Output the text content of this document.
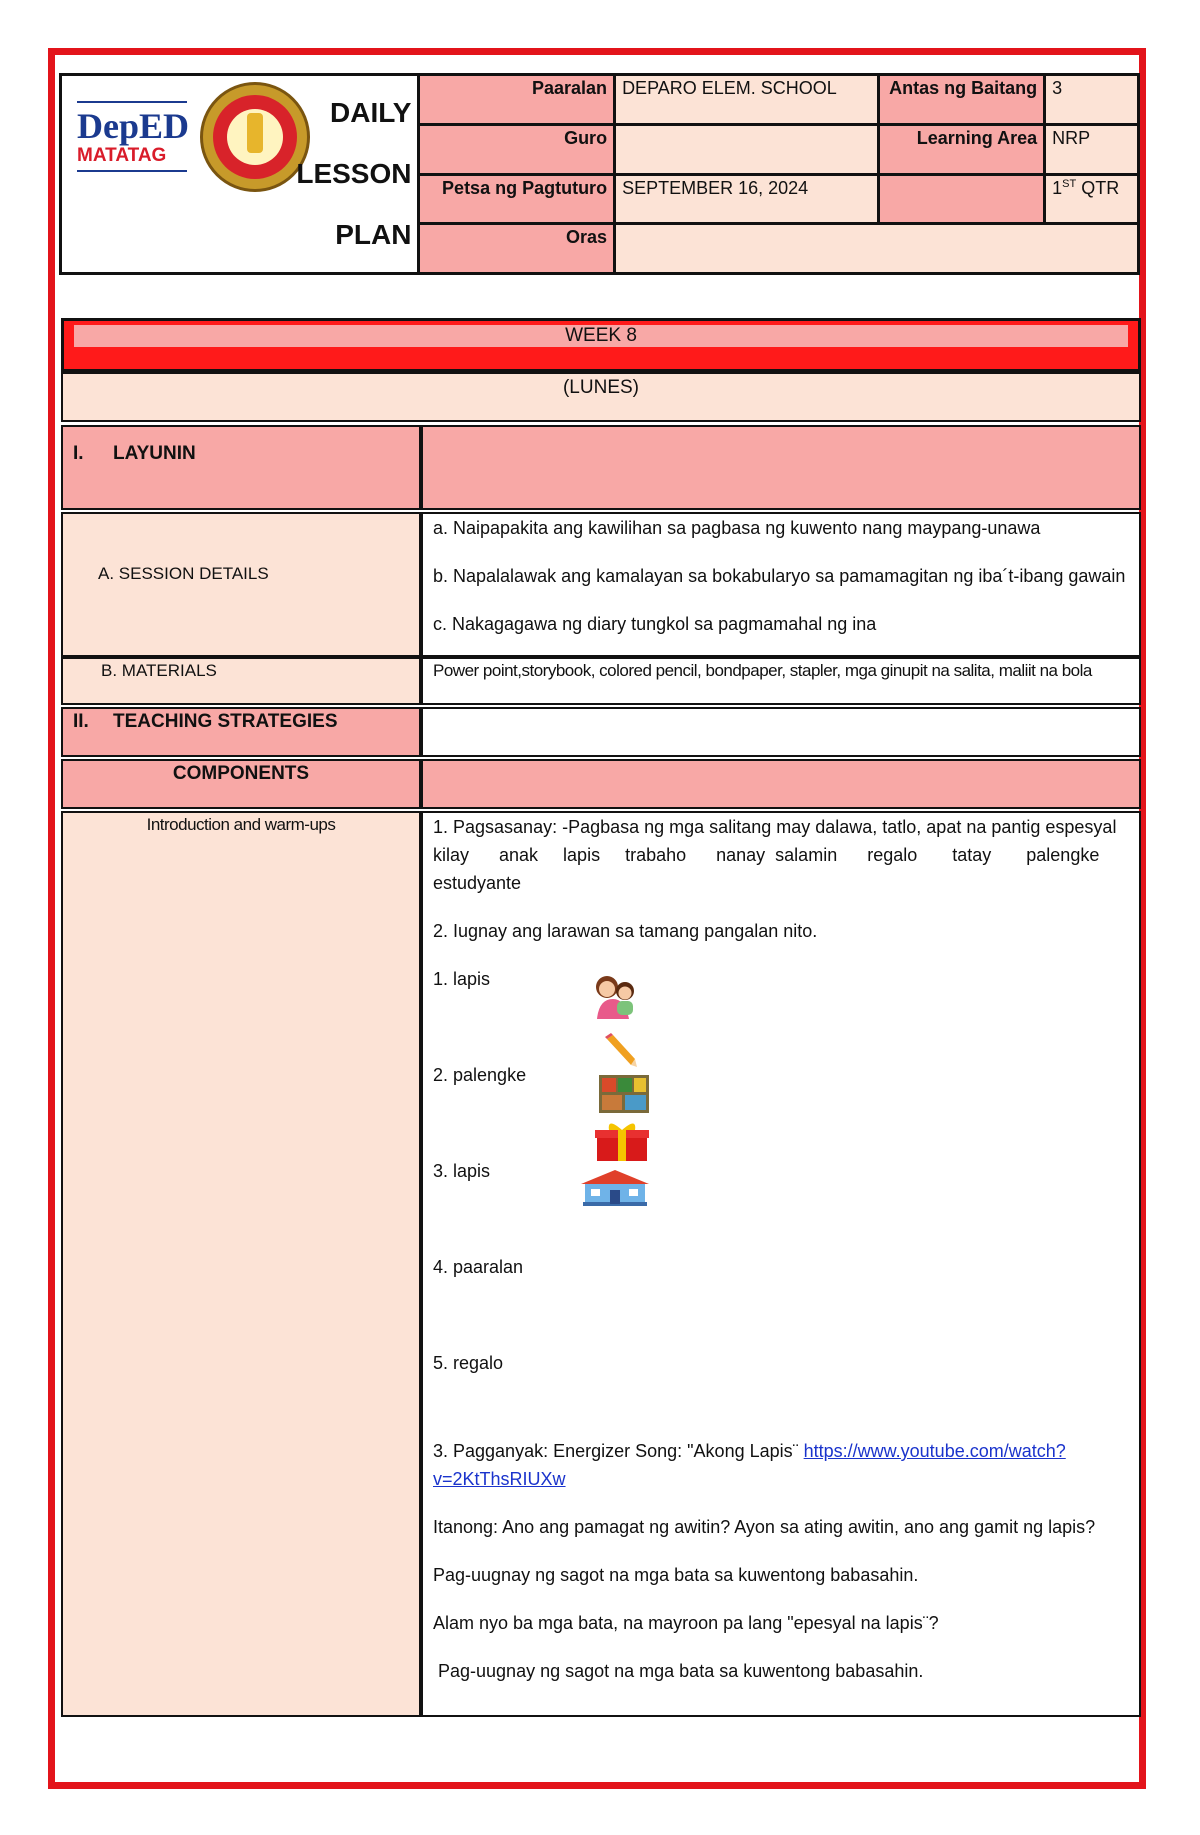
DepED
MATATAG
DAILY
LESSON
PLAN	Paaralan	DEPARO ELEM. SCHOOL	Antas ng Baitang	3
	Guro		Learning Area	NRP
	Petsa ng Pagtuturo	SEPTEMBER 16, 2024		1ST QTR
	Oras			
WEEK 8
(LUNES)
I. LAYUNIN
A. SESSION DETAILS
a. Naipapakita ang kawilihan sa pagbasa ng kuwento nang maypang-unawa
b. Napalalawak ang kamalayan sa bokabularyo sa pamamagitan ng iba´t-ibang gawain
c. Nakagagawa ng diary tungkol sa pagmamahal ng ina
B. MATERIALS	Power point,storybook, colored pencil, bondpaper, stapler, mga ginupit na salita, maliit na bola
II. TEACHING STRATEGIES
COMPONENTS
Introduction and warm-ups	1. Pagsasanay: -Pagbasa ng mga salitang may dalawa, tatlo, apat na pantig espesyal
kilay      anak     lapis     trabaho      nanay  salamin      regalo       tatay       palengke
estudyante
2. Iugnay ang larawan sa tamang pangalan nito.
1. lapis
2. palengke
3. lapis
4. paaralan
5. regalo
3. Pagganyak: Energizer Song: "Akong Lapis¨ https://www.youtube.com/watch?
v=2KtThsRIUXw
Itanong: Ano ang pamagat ng awitin? Ayon sa ating awitin, ano ang gamit ng lapis?
Pag-uugnay ng sagot na mga bata sa kuwentong babasahin.
Alam nyo ba mga bata, na mayroon pa lang "epesyal na lapis¨?
Pag-uugnay ng sagot na mga bata sa kuwentong babasahin.
